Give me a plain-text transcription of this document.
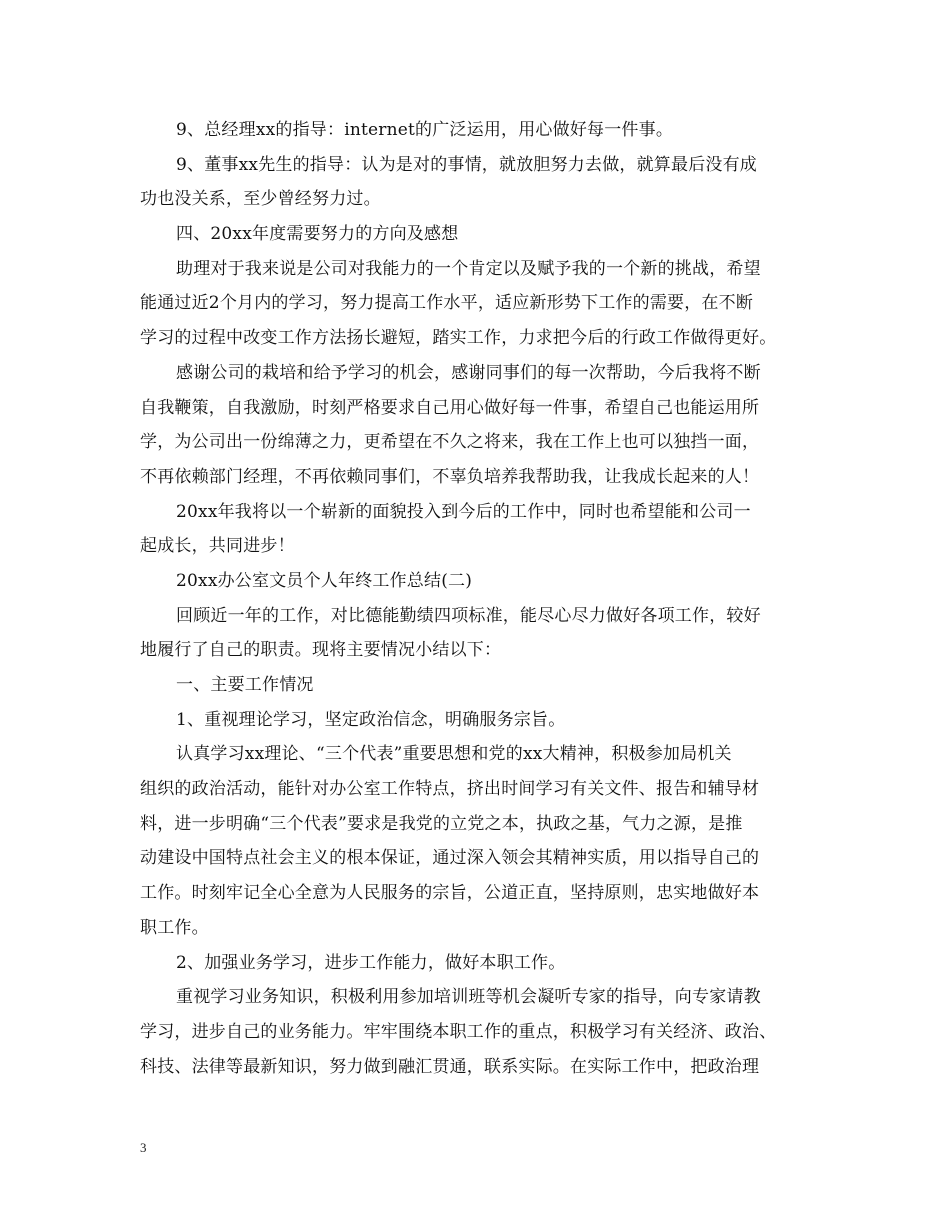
9、总经理xx的指导：internet的广泛运用，用心做好每一件事。
9、董事xx先生的指导：认为是对的事情，就放胆努力去做，就算最后没有成
功也没关系，至少曾经努力过。
四、20xx年度需要努力的方向及感想
助理对于我来说是公司对我能力的一个肯定以及赋予我的一个新的挑战，希望
能通过近2个月内的学习，努力提高工作水平，适应新形势下工作的需要，在不断
学习的过程中改变工作方法扬长避短，踏实工作，力求把今后的行政工作做得更好。
感谢公司的栽培和给予学习的机会，感谢同事们的每一次帮助，今后我将不断
自我鞭策，自我激励，时刻严格要求自己用心做好每一件事，希望自己也能运用所
学，为公司出一份绵薄之力，更希望在不久之将来，我在工作上也可以独挡一面，
不再依赖部门经理，不再依赖同事们，不辜负培养我帮助我，让我成长起来的人！
20xx年我将以一个崭新的面貌投入到今后的工作中，同时也希望能和公司一
起成长，共同进步！
20xx办公室文员个人年终工作总结(二)
回顾近一年的工作，对比德能勤绩四项标准，能尽心尽力做好各项工作，较好
地履行了自己的职责。现将主要情况小结以下：
一、主要工作情况
1、重视理论学习，坚定政治信念，明确服务宗旨。
认真学习xx理论、“三个代表”重要思想和党的xx大精神，积极参加局机关
组织的政治活动，能针对办公室工作特点，挤出时间学习有关文件、报告和辅导材
料，进一步明确“三个代表”要求是我党的立党之本，执政之基，气力之源，是推
动建设中国特点社会主义的根本保证，通过深入领会其精神实质，用以指导自己的
工作。时刻牢记全心全意为人民服务的宗旨，公道正直，坚持原则，忠实地做好本
职工作。
2、加强业务学习，进步工作能力，做好本职工作。
重视学习业务知识，积极利用参加培训班等机会凝听专家的指导，向专家请教
学习，进步自己的业务能力。牢牢围绕本职工作的重点，积极学习有关经济、政治、
科技、法律等最新知识，努力做到融汇贯通，联系实际。在实际工作中，把政治理
3
